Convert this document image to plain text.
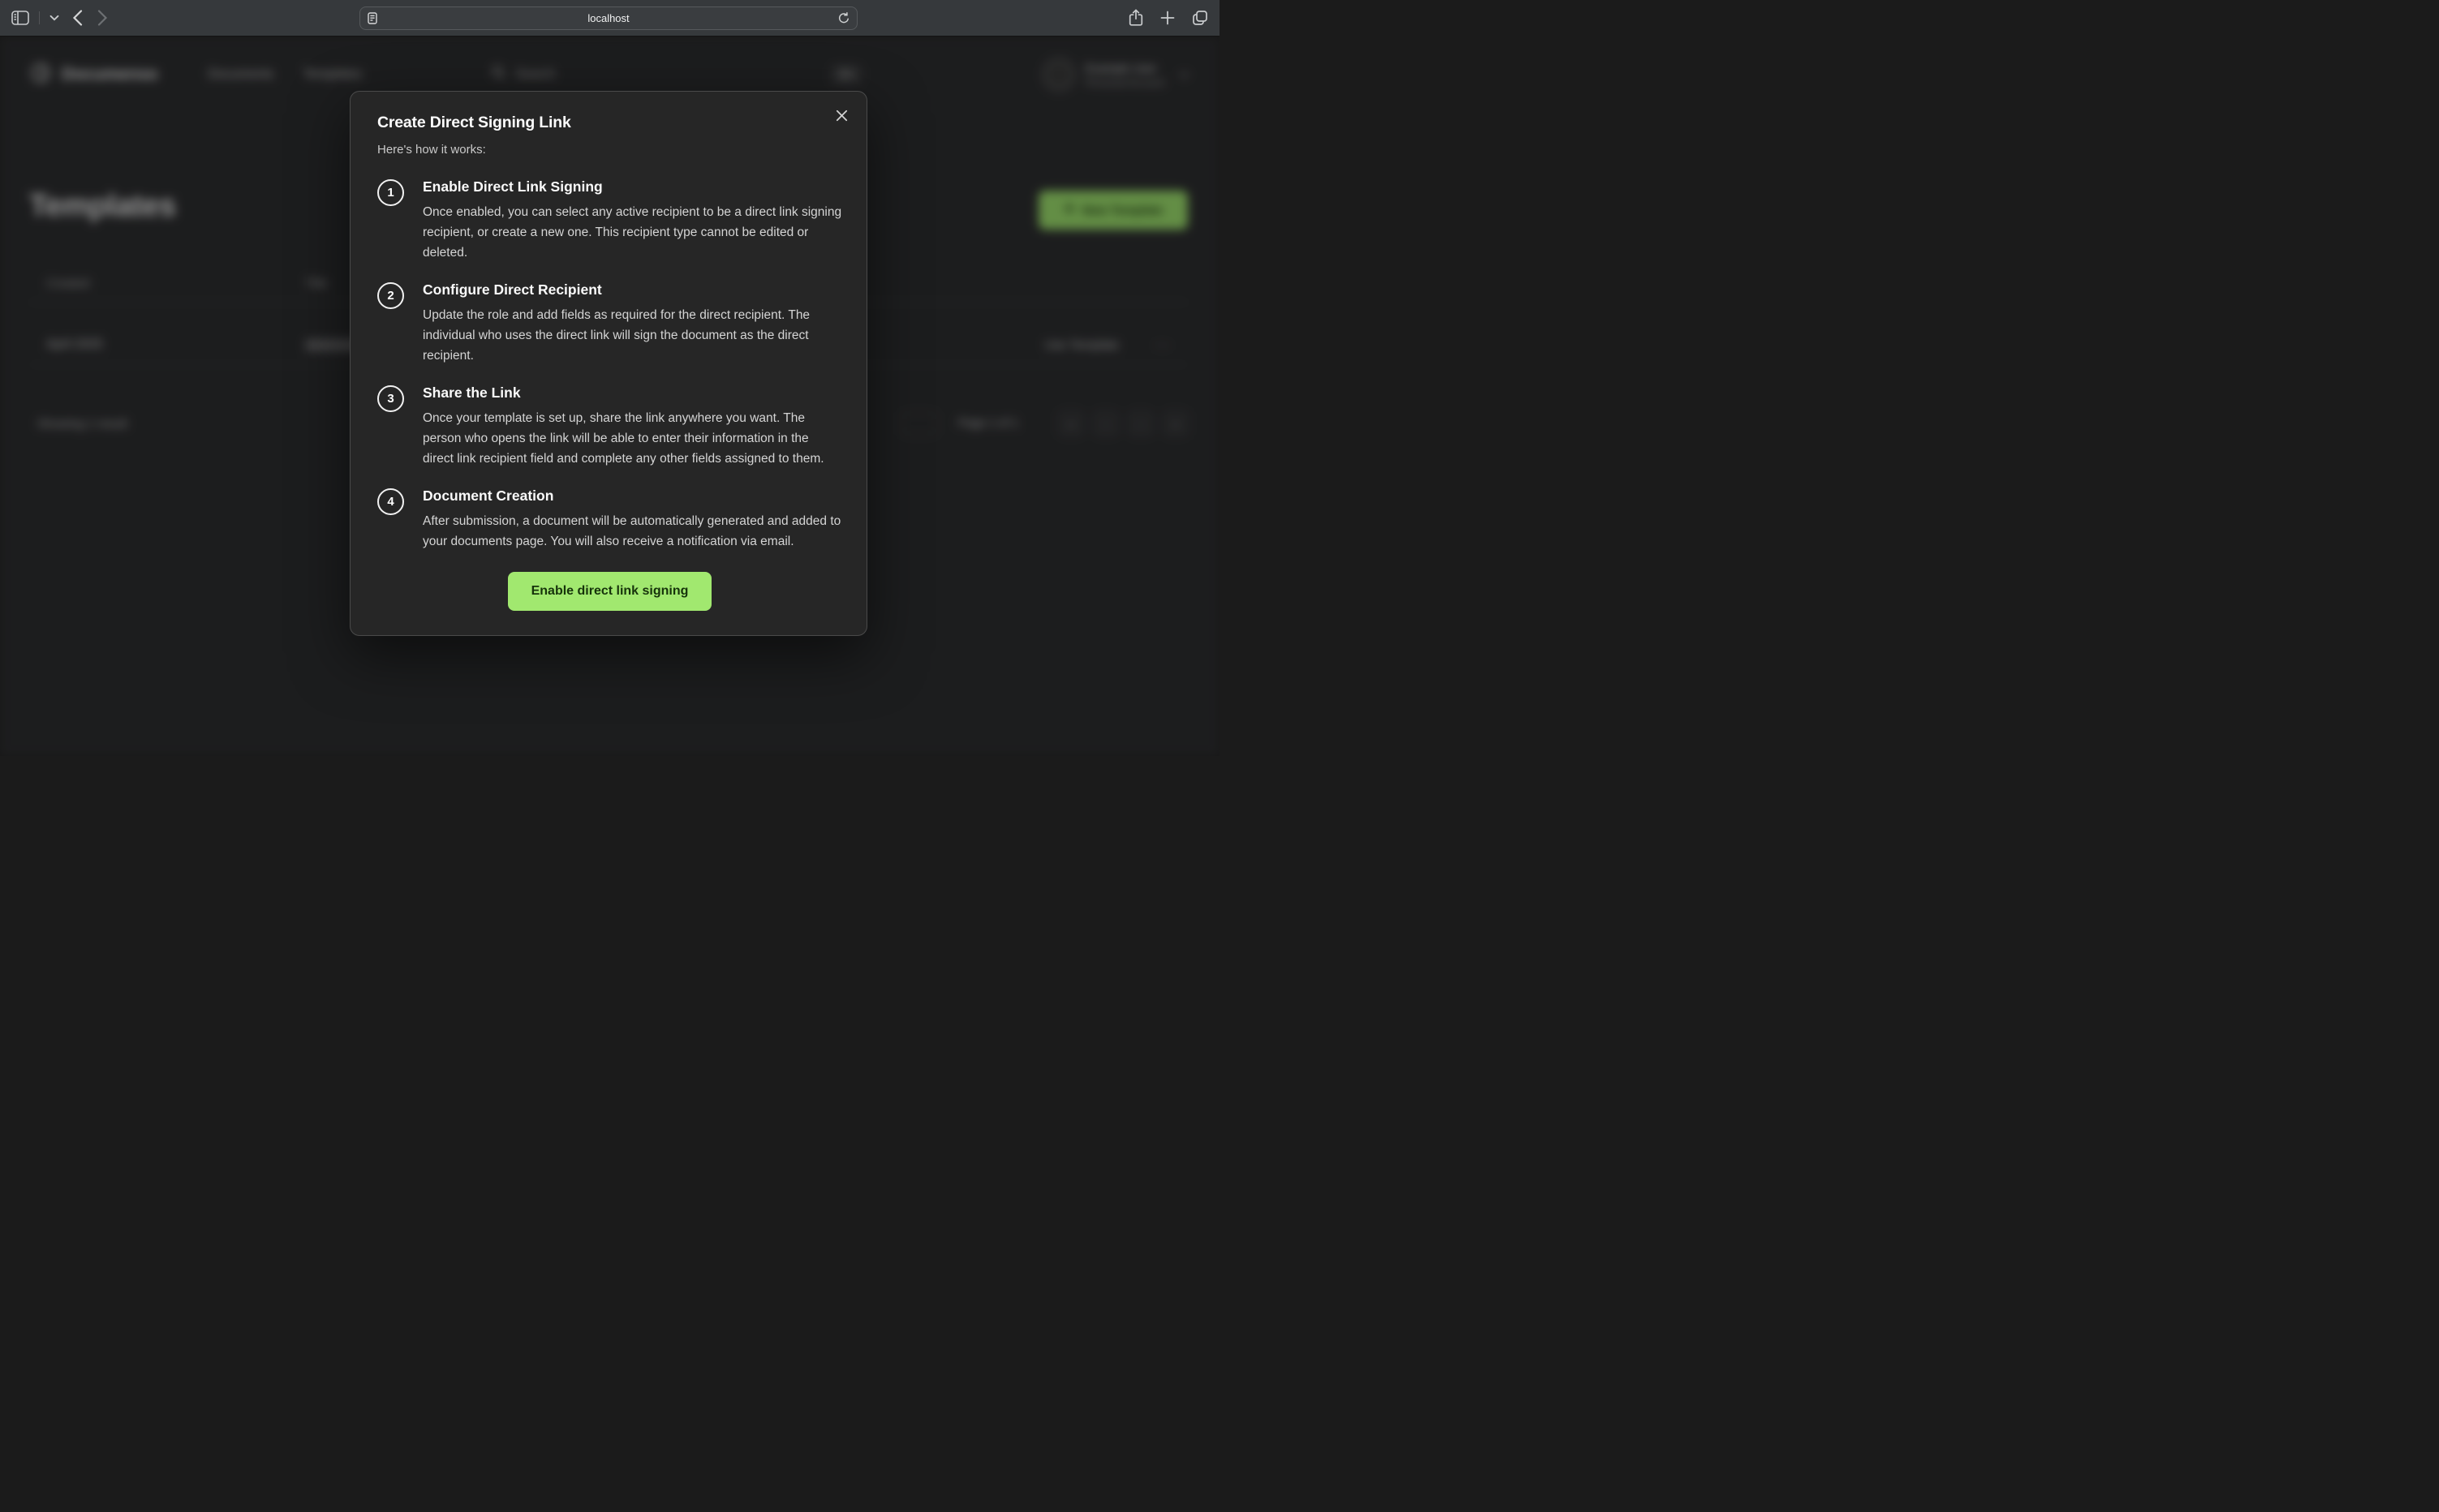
localhost
Documenso	Documents Templates	Search	⌘K
Example User
Personal Account
Templates	New Template
Created	Title
April 2025	Use Template	···
Showing 1 result	Page 1 of 1	«	‹	›	»
Create Direct Signing Link
Here's how it works:
1	Enable Direct Link Signing
Once enabled, you can select any active recipient to be a direct link signing recipient, or create a new one. This recipient type cannot be edited or deleted.
2	Configure Direct Recipient
Update the role and add fields as required for the direct recipient. The individual who uses the direct link will sign the document as the direct recipient.
3	Share the Link
Once your template is set up, share the link anywhere you want. The person who opens the link will be able to enter their information in the direct link recipient field and complete any other fields assigned to them.
4	Document Creation
After submission, a document will be automatically generated and added to your documents page. You will also receive a notification via email.
Enable direct link signing
